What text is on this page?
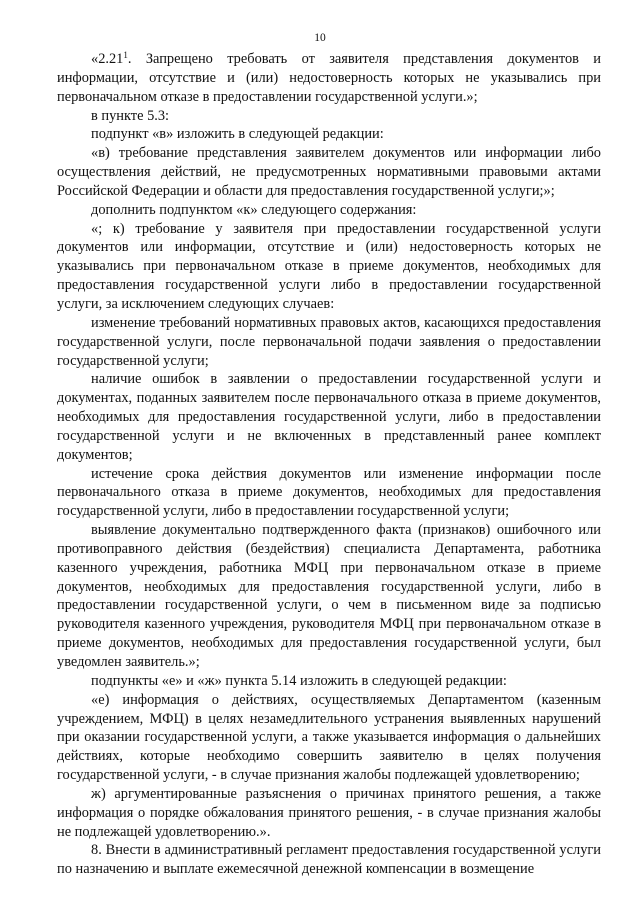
10

«2.21$^1$. Запрещено требовать от заявителя представления документов и информации, отсутствие и (или) недостоверность которых не указывались при первоначальном отказе в предоставлении государственной услуги.»;

в пункте 5.3:

подпункт «в» изложить в следующей редакции:

«в) требование представления заявителем документов или информации либо осуществления действий, не предусмотренных нормативными правовыми актами Российской Федерации и области для предоставления государственной услуги;»;

дополнить подпунктом «к» следующего содержания:

«; к) требование у заявителя при предоставлении государственной услуги документов или информации, отсутствие и (или) недостоверность которых не указывались при первоначальном отказе в приеме документов, необходимых для предоставления государственной услуги либо в предоставлении государственной услуги, за исключением следующих случаев:

изменение требований нормативных правовых актов, касающихся предоставления государственной услуги, после первоначальной подачи заявления о предоставлении государственной услуги;

наличие ошибок в заявлении о предоставлении государственной услуги и документах, поданных заявителем после первоначального отказа в приеме документов, необходимых для предоставления государственной услуги, либо в предоставлении государственной услуги и не включенных в представленный ранее комплект документов;

истечение срока действия документов или изменение информации после первоначального отказа в приеме документов, необходимых для предоставления государственной услуги, либо в предоставлении государственной услуги;

выявление документально подтвержденного факта (признаков) ошибочного или противоправного действия (бездействия) специалиста Департамента, работника казенного учреждения, работника МФЦ при первоначальном отказе в приеме документов, необходимых для предоставления государственной услуги, либо в предоставлении государственной услуги, о чем в письменном виде за подписью руководителя казенного учреждения, руководителя МФЦ при первоначальном отказе в приеме документов, необходимых для предоставления государственной услуги, был уведомлен заявитель.»;

подпункты «е» и «ж» пункта 5.14 изложить в следующей редакции:

«е) информация о действиях, осуществляемых Департаментом (казенным учреждением, МФЦ) в целях незамедлительного устранения выявленных нарушений при оказании государственной услуги, а также указывается информация о дальнейших действиях, которые необходимо совершить заявителю в целях получения государственной услуги, - в случае признания жалобы подлежащей удовлетворению;

ж) аргументированные разъяснения о причинах принятого решения, а также информация о порядке обжалования принятого решения, - в случае признания жалобы не подлежащей удовлетворению.».

8. Внести в административный регламент предоставления государственной услуги по назначению и выплате ежемесячной денежной компенсации в возмещение
